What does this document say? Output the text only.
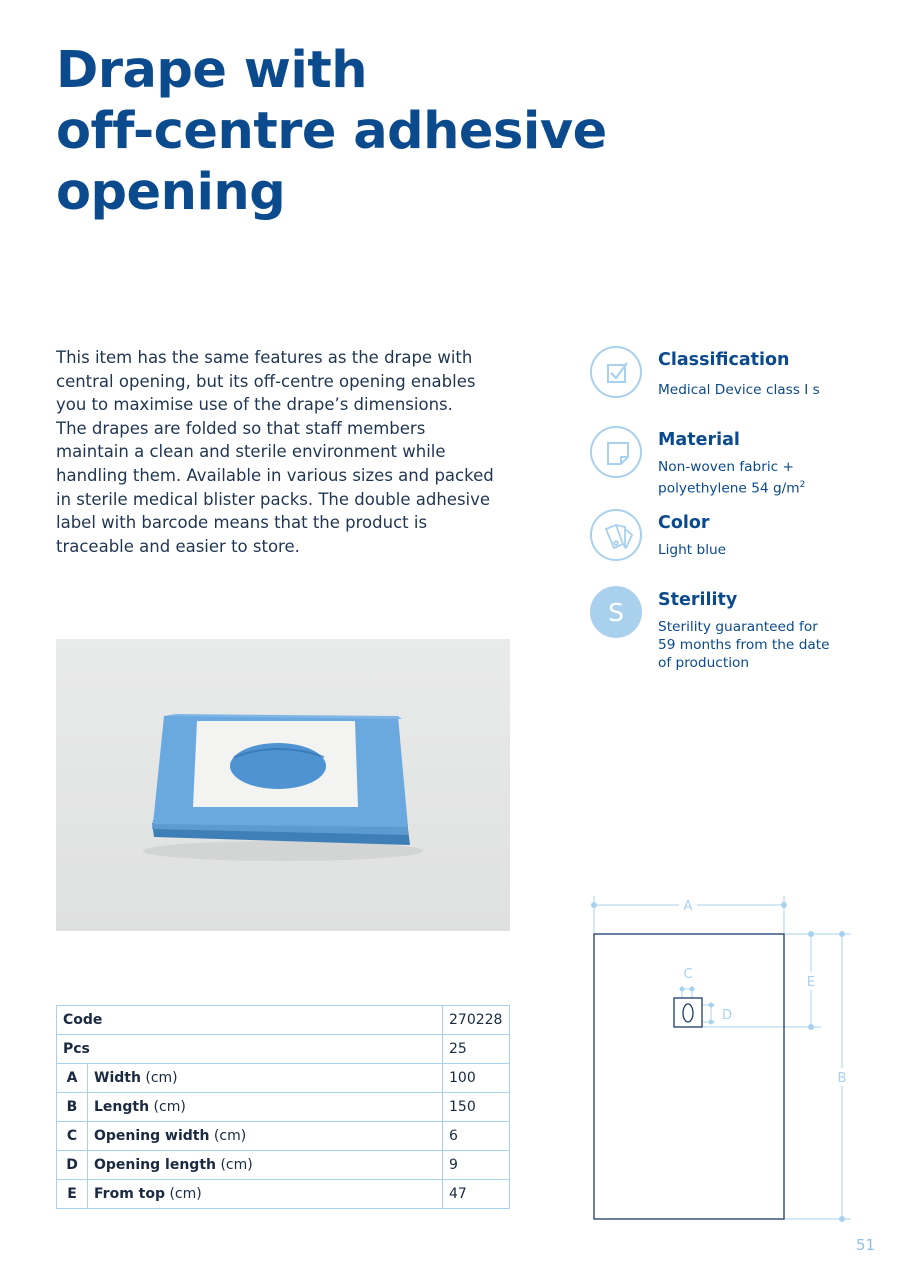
Drape with
off-centre adhesive
opening
This item has the same features as the drape with
central opening, but its off-centre opening enables
you to maximise use of the drape’s dimensions.
The drapes are folded so that staff members
maintain a clean and sterile environment while
handling them. Available in various sizes and packed
in sterile medical blister packs. The double adhesive
label with barcode means that the product is
traceable and easier to store.
Classification
Medical Device class I s
Material
Non-woven fabric +
polyethylene 54 $g/m^2$
Color
Light blue
S	Sterility
Sterility guaranteed for
59 months from the date
of production
Code		270228
Pcs		25
A	Width (cm)	100
B	Length (cm)	150
C	Opening width (cm)	6
D	Opening length (cm)	9
E	From top (cm)	47
A
B
C
D
E
51
